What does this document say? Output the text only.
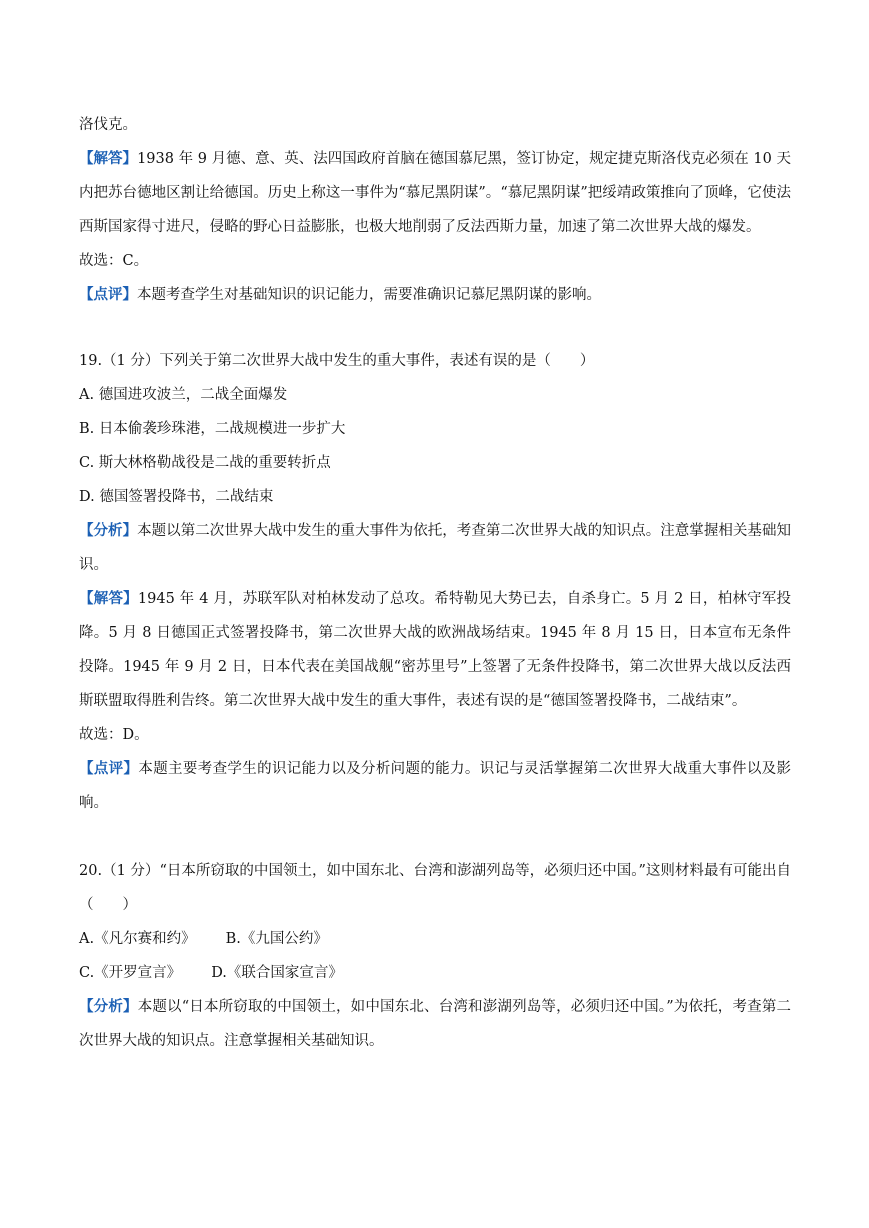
洛伐克。

【解答】1938 年 9 月德、意、英、法四国政府首脑在德国慕尼黑，签订协定，规定捷克斯洛伐克必须在 10 天内把苏台德地区割让给德国。历史上称这一事件为“慕尼黑阴谋”。“慕尼黑阴谋”把绥靖政策推向了顶峰，它使法西斯国家得寸进尺，侵略的野心日益膨胀，也极大地削弱了反法西斯力量，加速了第二次世界大战的爆发。

故选：C。

【点评】本题考查学生对基础知识的识记能力，需要准确识记慕尼黑阴谋的影响。

19.（1 分）下列关于第二次世界大战中发生的重大事件，表述有误的是（　　）

A. 德国进攻波兰，二战全面爆发

B. 日本偷袭珍珠港，二战规模进一步扩大

C. 斯大林格勒战役是二战的重要转折点

D. 德国签署投降书，二战结束

【分析】本题以第二次世界大战中发生的重大事件为依托，考查第二次世界大战的知识点。注意掌握相关基础知识。

【解答】1945 年 4 月，苏联军队对柏林发动了总攻。希特勒见大势已去，自杀身亡。5 月 2 日，柏林守军投降。5 月 8 日德国正式签署投降书，第二次世界大战的欧洲战场结束。1945 年 8 月 15 日，日本宣布无条件投降。1945 年 9 月 2 日，日本代表在美国战舰“密苏里号”上签署了无条件投降书，第二次世界大战以反法西斯联盟取得胜利告终。第二次世界大战中发生的重大事件，表述有误的是“德国签署投降书，二战结束”。

故选：D。

【点评】本题主要考查学生的识记能力以及分析问题的能力。识记与灵活掌握第二次世界大战重大事件以及影响。

20.（1 分）“日本所窃取的中国领土，如中国东北、台湾和澎湖列岛等，必须归还中国。”这则材料最有可能出自（　　）

A.《凡尔赛和约》 B.《九国公约》

C.《开罗宣言》 D.《联合国家宣言》

【分析】本题以“日本所窃取的中国领土，如中国东北、台湾和澎湖列岛等，必须归还中国。”为依托，考查第二次世界大战的知识点。注意掌握相关基础知识。
